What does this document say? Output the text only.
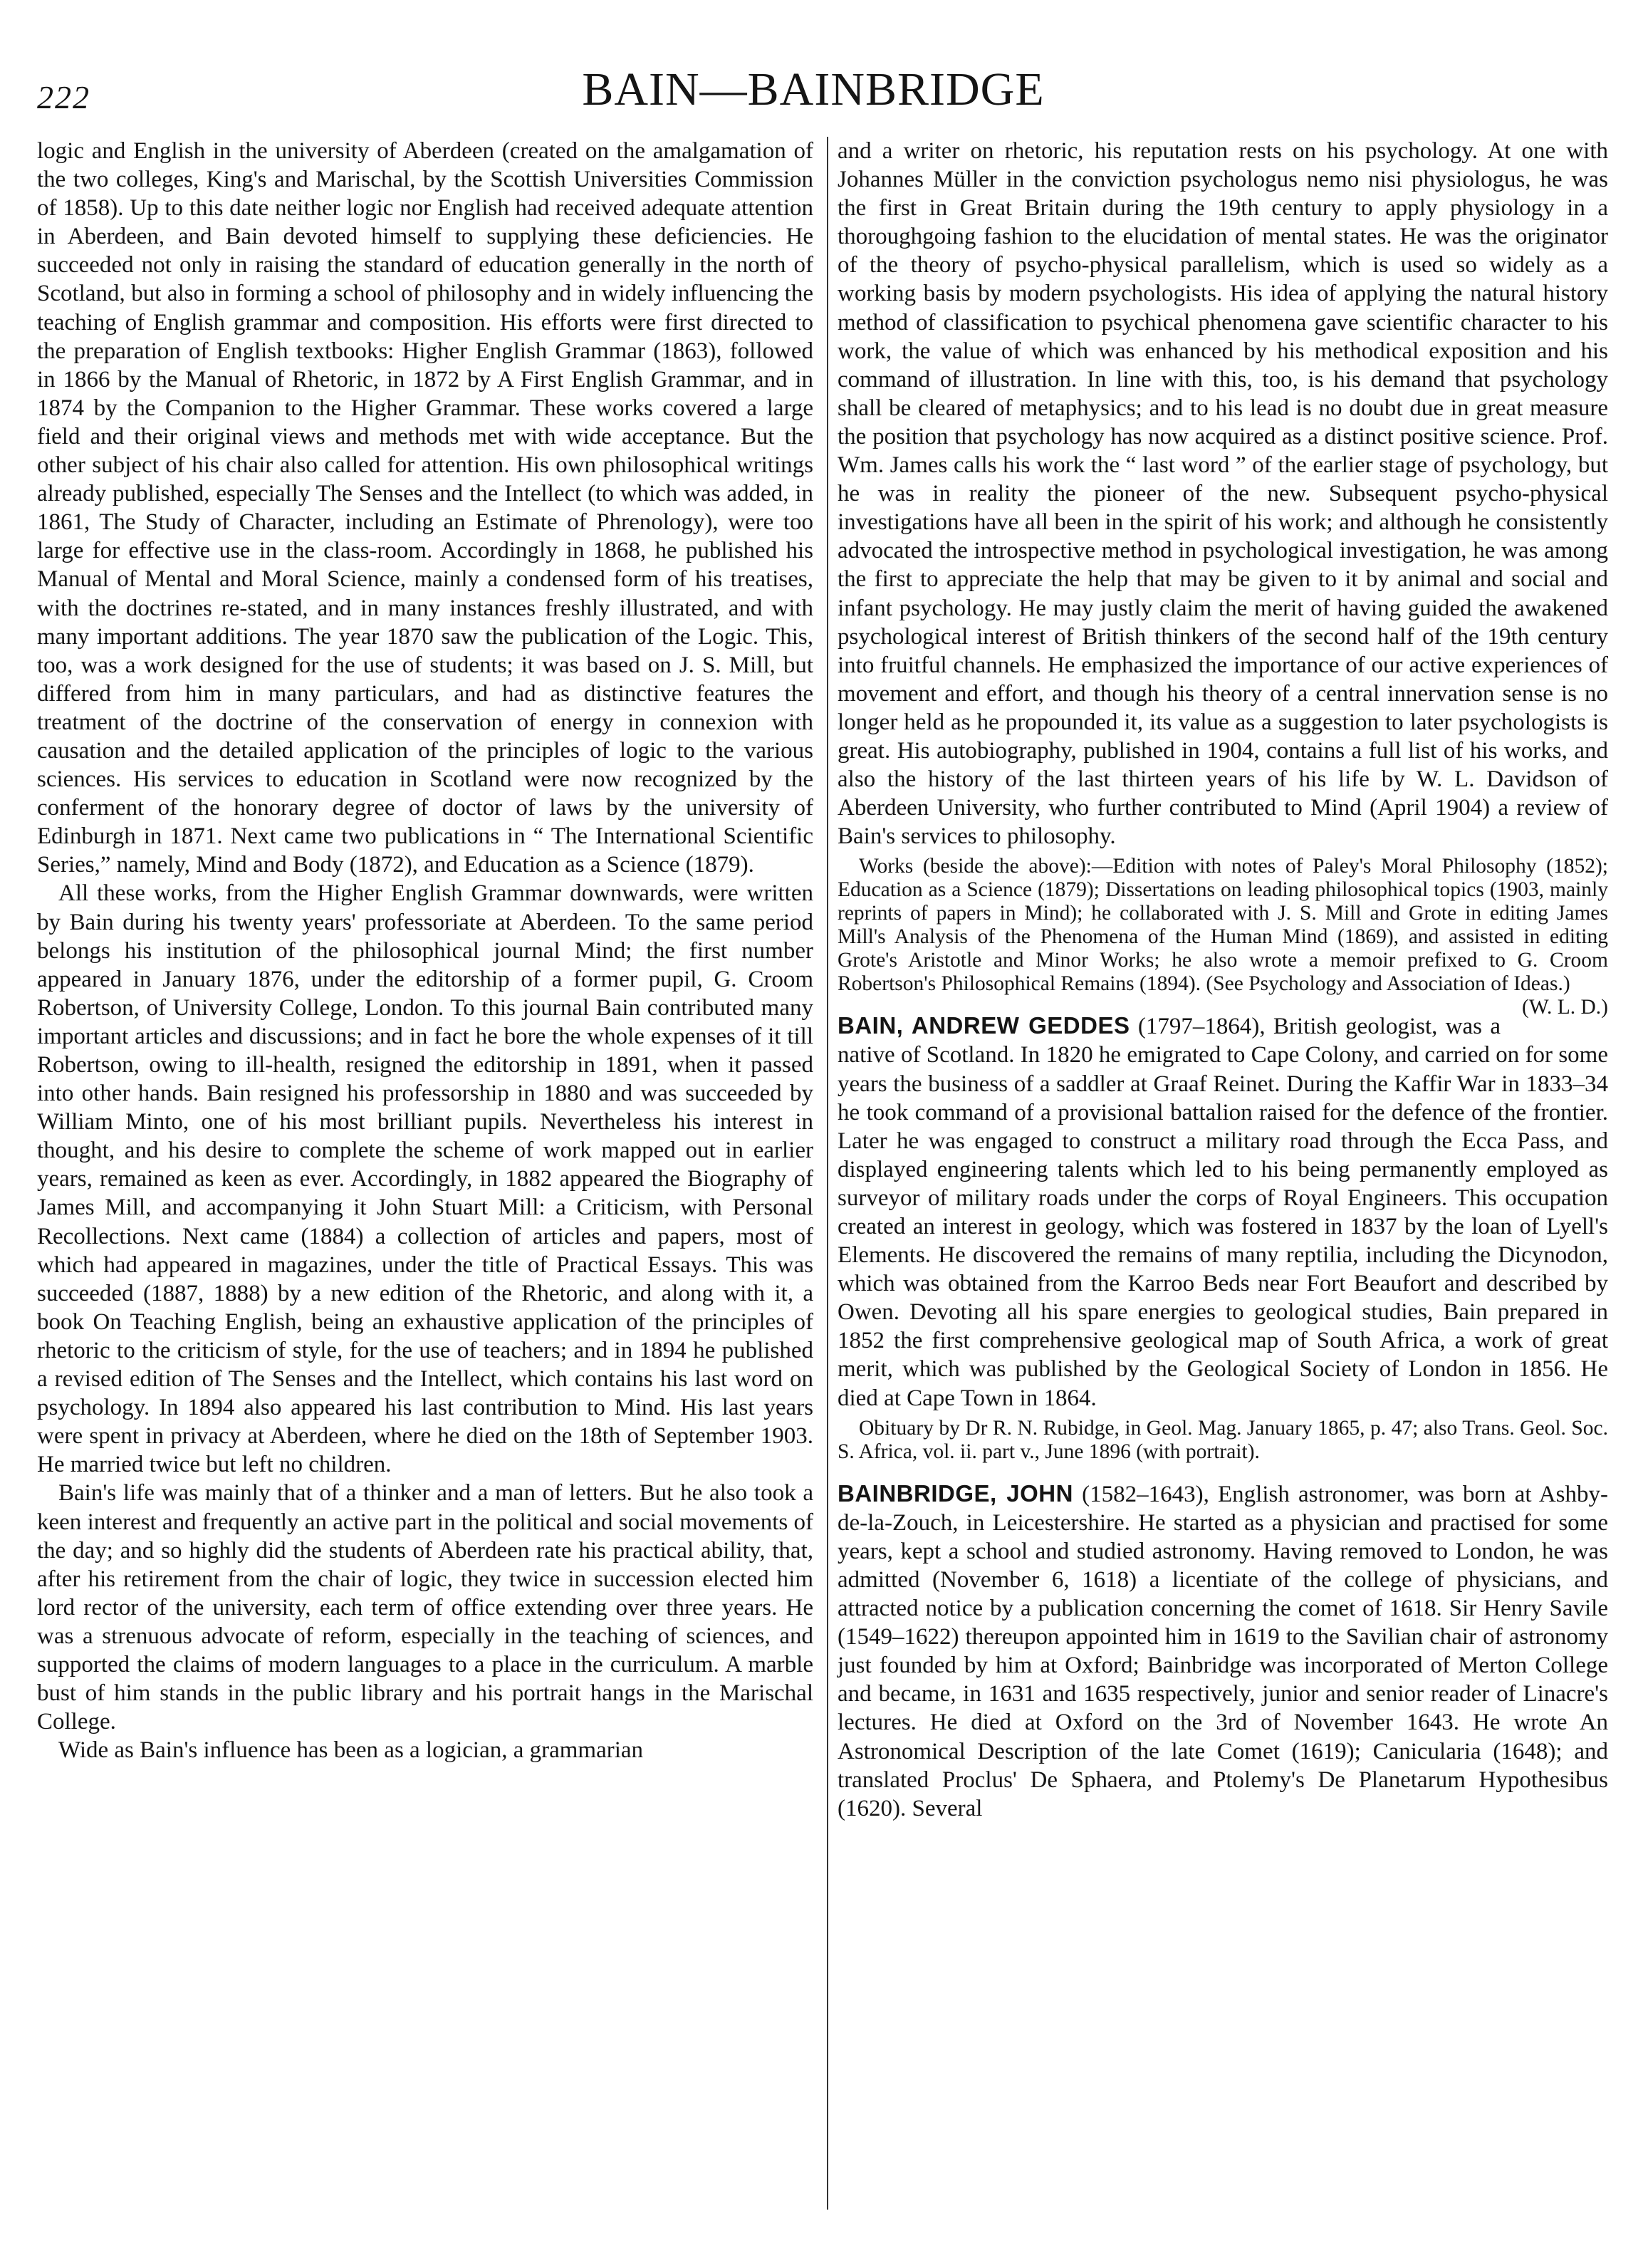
222	BAIN—BAINBRIDGE

logic and English in the university of Aberdeen (created on the amalgamation of the two colleges, King's and Marischal, by the Scottish Universities Commission of 1858). Up to this date neither logic nor English had received adequate attention in Aberdeen, and Bain devoted himself to supplying these deficiencies. He succeeded not only in raising the standard of education generally in the north of Scotland, but also in forming a school of philosophy and in widely influencing the teaching of English grammar and composition. His efforts were first directed to the preparation of English textbooks: Higher English Grammar (1863), followed in 1866 by the Manual of Rhetoric, in 1872 by A First English Grammar, and in 1874 by the Companion to the Higher Grammar. These works covered a large field and their original views and methods met with wide acceptance. But the other subject of his chair also called for attention. His own philosophical writings already published, especially The Senses and the Intellect (to which was added, in 1861, The Study of Character, including an Estimate of Phrenology), were too large for effective use in the class-room. Accordingly in 1868, he published his Manual of Mental and Moral Science, mainly a condensed form of his treatises, with the doctrines re-stated, and in many instances freshly illustrated, and with many important additions. The year 1870 saw the publication of the Logic. This, too, was a work designed for the use of students; it was based on J. S. Mill, but differed from him in many particulars, and had as distinctive features the treatment of the doctrine of the conservation of energy in connexion with causation and the detailed application of the principles of logic to the various sciences. His services to education in Scotland were now recognized by the conferment of the honorary degree of doctor of laws by the university of Edinburgh in 1871. Next came two publications in “ The International Scientific Series,” namely, Mind and Body (1872), and Education as a Science (1879).

All these works, from the Higher English Grammar downwards, were written by Bain during his twenty years' professoriate at Aberdeen. To the same period belongs his institution of the philosophical journal Mind; the first number appeared in January 1876, under the editorship of a former pupil, G. Croom Robertson, of University College, London. To this journal Bain contributed many important articles and discussions; and in fact he bore the whole expenses of it till Robertson, owing to ill-health, resigned the editorship in 1891, when it passed into other hands. Bain resigned his professorship in 1880 and was succeeded by William Minto, one of his most brilliant pupils. Nevertheless his interest in thought, and his desire to complete the scheme of work mapped out in earlier years, remained as keen as ever. Accordingly, in 1882 appeared the Biography of James Mill, and accompanying it John Stuart Mill: a Criticism, with Personal Recollections. Next came (1884) a collection of articles and papers, most of which had appeared in magazines, under the title of Practical Essays. This was succeeded (1887, 1888) by a new edition of the Rhetoric, and along with it, a book On Teaching English, being an exhaustive application of the principles of rhetoric to the criticism of style, for the use of teachers; and in 1894 he published a revised edition of The Senses and the Intellect, which contains his last word on psychology. In 1894 also appeared his last contribution to Mind. His last years were spent in privacy at Aberdeen, where he died on the 18th of September 1903. He married twice but left no children.

Bain's life was mainly that of a thinker and a man of letters. But he also took a keen interest and frequently an active part in the political and social movements of the day; and so highly did the students of Aberdeen rate his practical ability, that, after his retirement from the chair of logic, they twice in succession elected him lord rector of the university, each term of office extending over three years. He was a strenuous advocate of reform, especially in the teaching of sciences, and supported the claims of modern languages to a place in the curriculum. A marble bust of him stands in the public library and his portrait hangs in the Marischal College.

Wide as Bain's influence has been as a logician, a grammarian

and a writer on rhetoric, his reputation rests on his psychology. At one with Johannes Müller in the conviction psychologus nemo nisi physiologus, he was the first in Great Britain during the 19th century to apply physiology in a thoroughgoing fashion to the elucidation of mental states. He was the originator of the theory of psycho-physical parallelism, which is used so widely as a working basis by modern psychologists. His idea of applying the natural history method of classification to psychical phenomena gave scientific character to his work, the value of which was enhanced by his methodical exposition and his command of illustration. In line with this, too, is his demand that psychology shall be cleared of metaphysics; and to his lead is no doubt due in great measure the position that psychology has now acquired as a distinct positive science. Prof. Wm. James calls his work the “ last word ” of the earlier stage of psychology, but he was in reality the pioneer of the new. Subsequent psycho-physical investigations have all been in the spirit of his work; and although he consistently advocated the introspective method in psychological investigation, he was among the first to appreciate the help that may be given to it by animal and social and infant psychology. He may justly claim the merit of having guided the awakened psychological interest of British thinkers of the second half of the 19th century into fruitful channels. He emphasized the importance of our active experiences of movement and effort, and though his theory of a central innervation sense is no longer held as he propounded it, its value as a suggestion to later psychologists is great. His autobiography, published in 1904, contains a full list of his works, and also the history of the last thirteen years of his life by W. L. Davidson of Aberdeen University, who further contributed to Mind (April 1904) a review of Bain's services to philosophy.

Works (beside the above):—Edition with notes of Paley's Moral Philosophy (1852); Education as a Science (1879); Dissertations on leading philosophical topics (1903, mainly reprints of papers in Mind); he collaborated with J. S. Mill and Grote in editing James Mill's Analysis of the Phenomena of the Human Mind (1869), and assisted in editing Grote's Aristotle and Minor Works; he also wrote a memoir prefixed to G. Croom Robertson's Philosophical Remains (1894). (See Psychology and Association of Ideas.)
(W. L. D.)

BAIN, ANDREW GEDDES (1797–1864), British geologist, was a native of Scotland. In 1820 he emigrated to Cape Colony, and carried on for some years the business of a saddler at Graaf Reinet. During the Kaffir War in 1833–34 he took command of a provisional battalion raised for the defence of the frontier. Later he was engaged to construct a military road through the Ecca Pass, and displayed engineering talents which led to his being permanently employed as surveyor of military roads under the corps of Royal Engineers. This occupation created an interest in geology, which was fostered in 1837 by the loan of Lyell's Elements. He discovered the remains of many reptilia, including the Dicynodon, which was obtained from the Karroo Beds near Fort Beaufort and described by Owen. Devoting all his spare energies to geological studies, Bain prepared in 1852 the first comprehensive geological map of South Africa, a work of great merit, which was published by the Geological Society of London in 1856. He died at Cape Town in 1864.

Obituary by Dr R. N. Rubidge, in Geol. Mag. January 1865, p. 47; also Trans. Geol. Soc. S. Africa, vol. ii. part v., June 1896 (with portrait).

BAINBRIDGE, JOHN (1582–1643), English astronomer, was born at Ashby-de-la-Zouch, in Leicestershire. He started as a physician and practised for some years, kept a school and studied astronomy. Having removed to London, he was admitted (November 6, 1618) a licentiate of the college of physicians, and attracted notice by a publication concerning the comet of 1618. Sir Henry Savile (1549–1622) thereupon appointed him in 1619 to the Savilian chair of astronomy just founded by him at Oxford; Bainbridge was incorporated of Merton College and became, in 1631 and 1635 respectively, junior and senior reader of Linacre's lectures. He died at Oxford on the 3rd of November 1643. He wrote An Astronomical Description of the late Comet (1619); Canicularia (1648); and translated Proclus' De Sphaera, and Ptolemy's De Planetarum Hypothesibus (1620). Several
